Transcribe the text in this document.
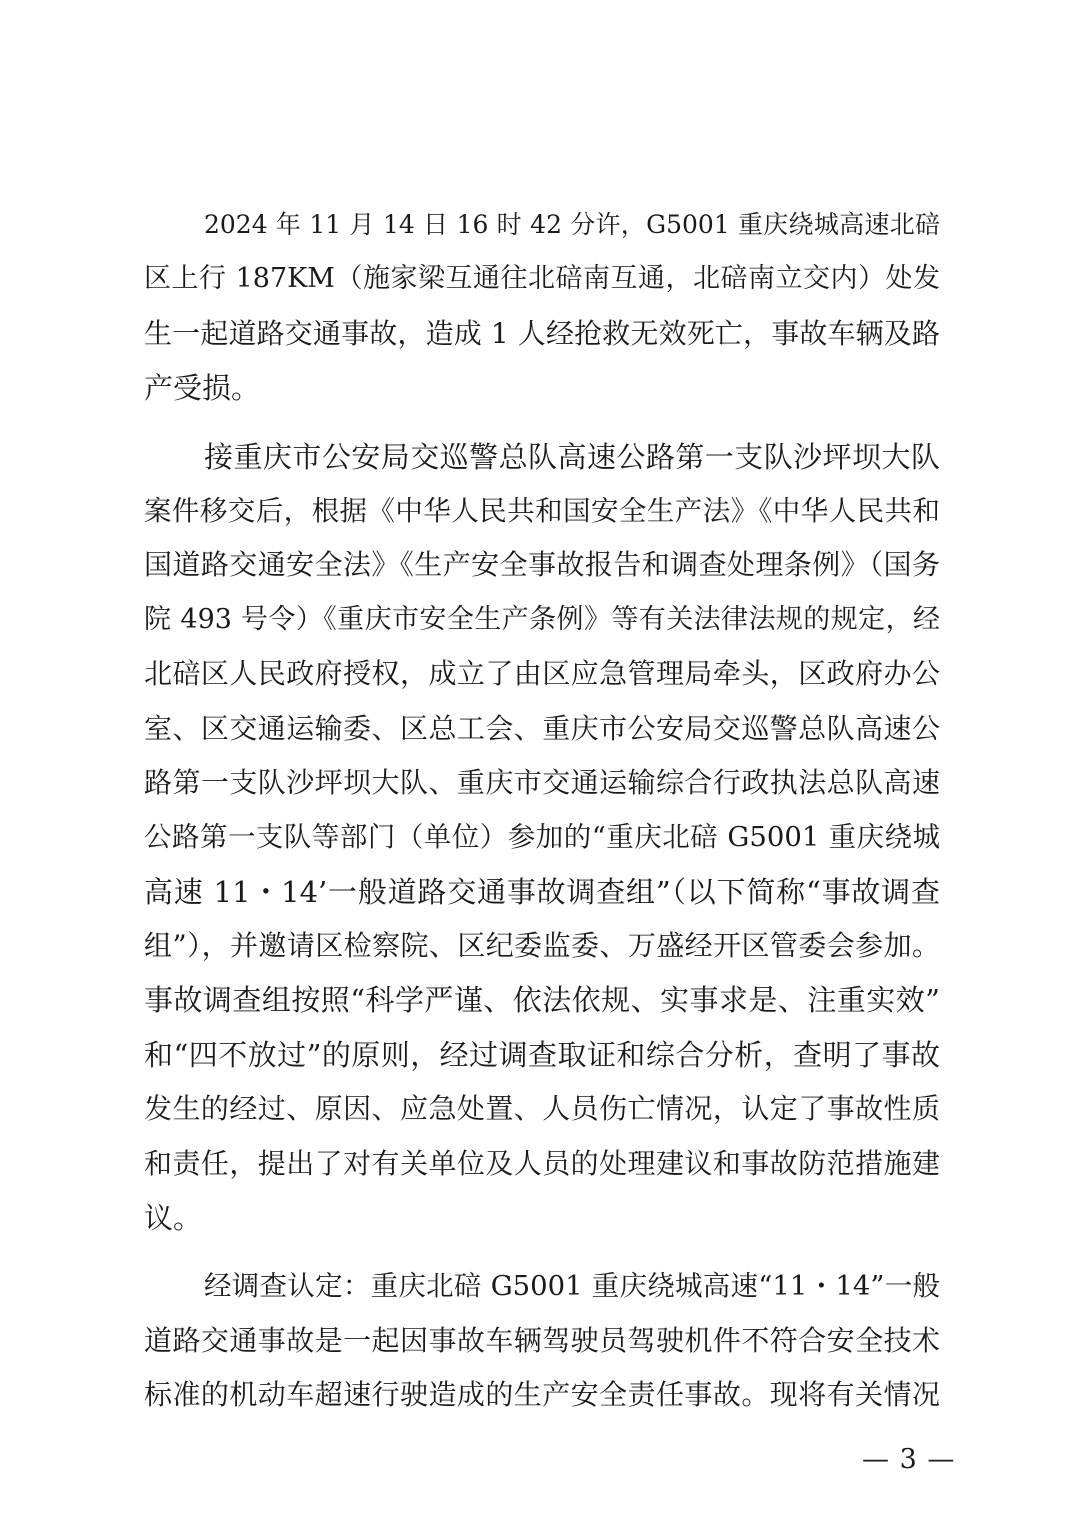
2024 年 11 月 14 日 16 时 42 分许，G5001 重庆绕城高速北碚
区上行 187KM（施家梁互通往北碚南互通，北碚南立交内）处发
生一起道路交通事故，造成 1 人经抢救无效死亡，事故车辆及路
产受损。
接重庆市公安局交巡警总队高速公路第一支队沙坪坝大队
案件移交后，根据《中华人民共和国安全生产法》《中华人民共和
国道路交通安全法》《生产安全事故报告和调查处理条例》（国务
院 493 号令）《重庆市安全生产条例》等有关法律法规的规定，经
北碚区人民政府授权，成立了由区应急管理局牵头，区政府办公
室、区交通运输委、区总工会、重庆市公安局交巡警总队高速公
路第一支队沙坪坝大队、重庆市交通运输综合行政执法总队高速
公路第一支队等部门（单位）参加的“重庆北碚 G5001 重庆绕城
高速 11・14’一般道路交通事故调查组”（以下简称“事故调查
组”），并邀请区检察院、区纪委监委、万盛经开区管委会参加。
事故调查组按照“科学严谨、依法依规、实事求是、注重实效”
和“四不放过”的原则，经过调查取证和综合分析，查明了事故
发生的经过、原因、应急处置、人员伤亡情况，认定了事故性质
和责任，提出了对有关单位及人员的处理建议和事故防范措施建
议。
经调查认定：重庆北碚 G5001 重庆绕城高速“11・14”一般
道路交通事故是一起因事故车辆驾驶员驾驶机件不符合安全技术
标准的机动车超速行驶造成的生产安全责任事故。现将有关情况
— 3 —
